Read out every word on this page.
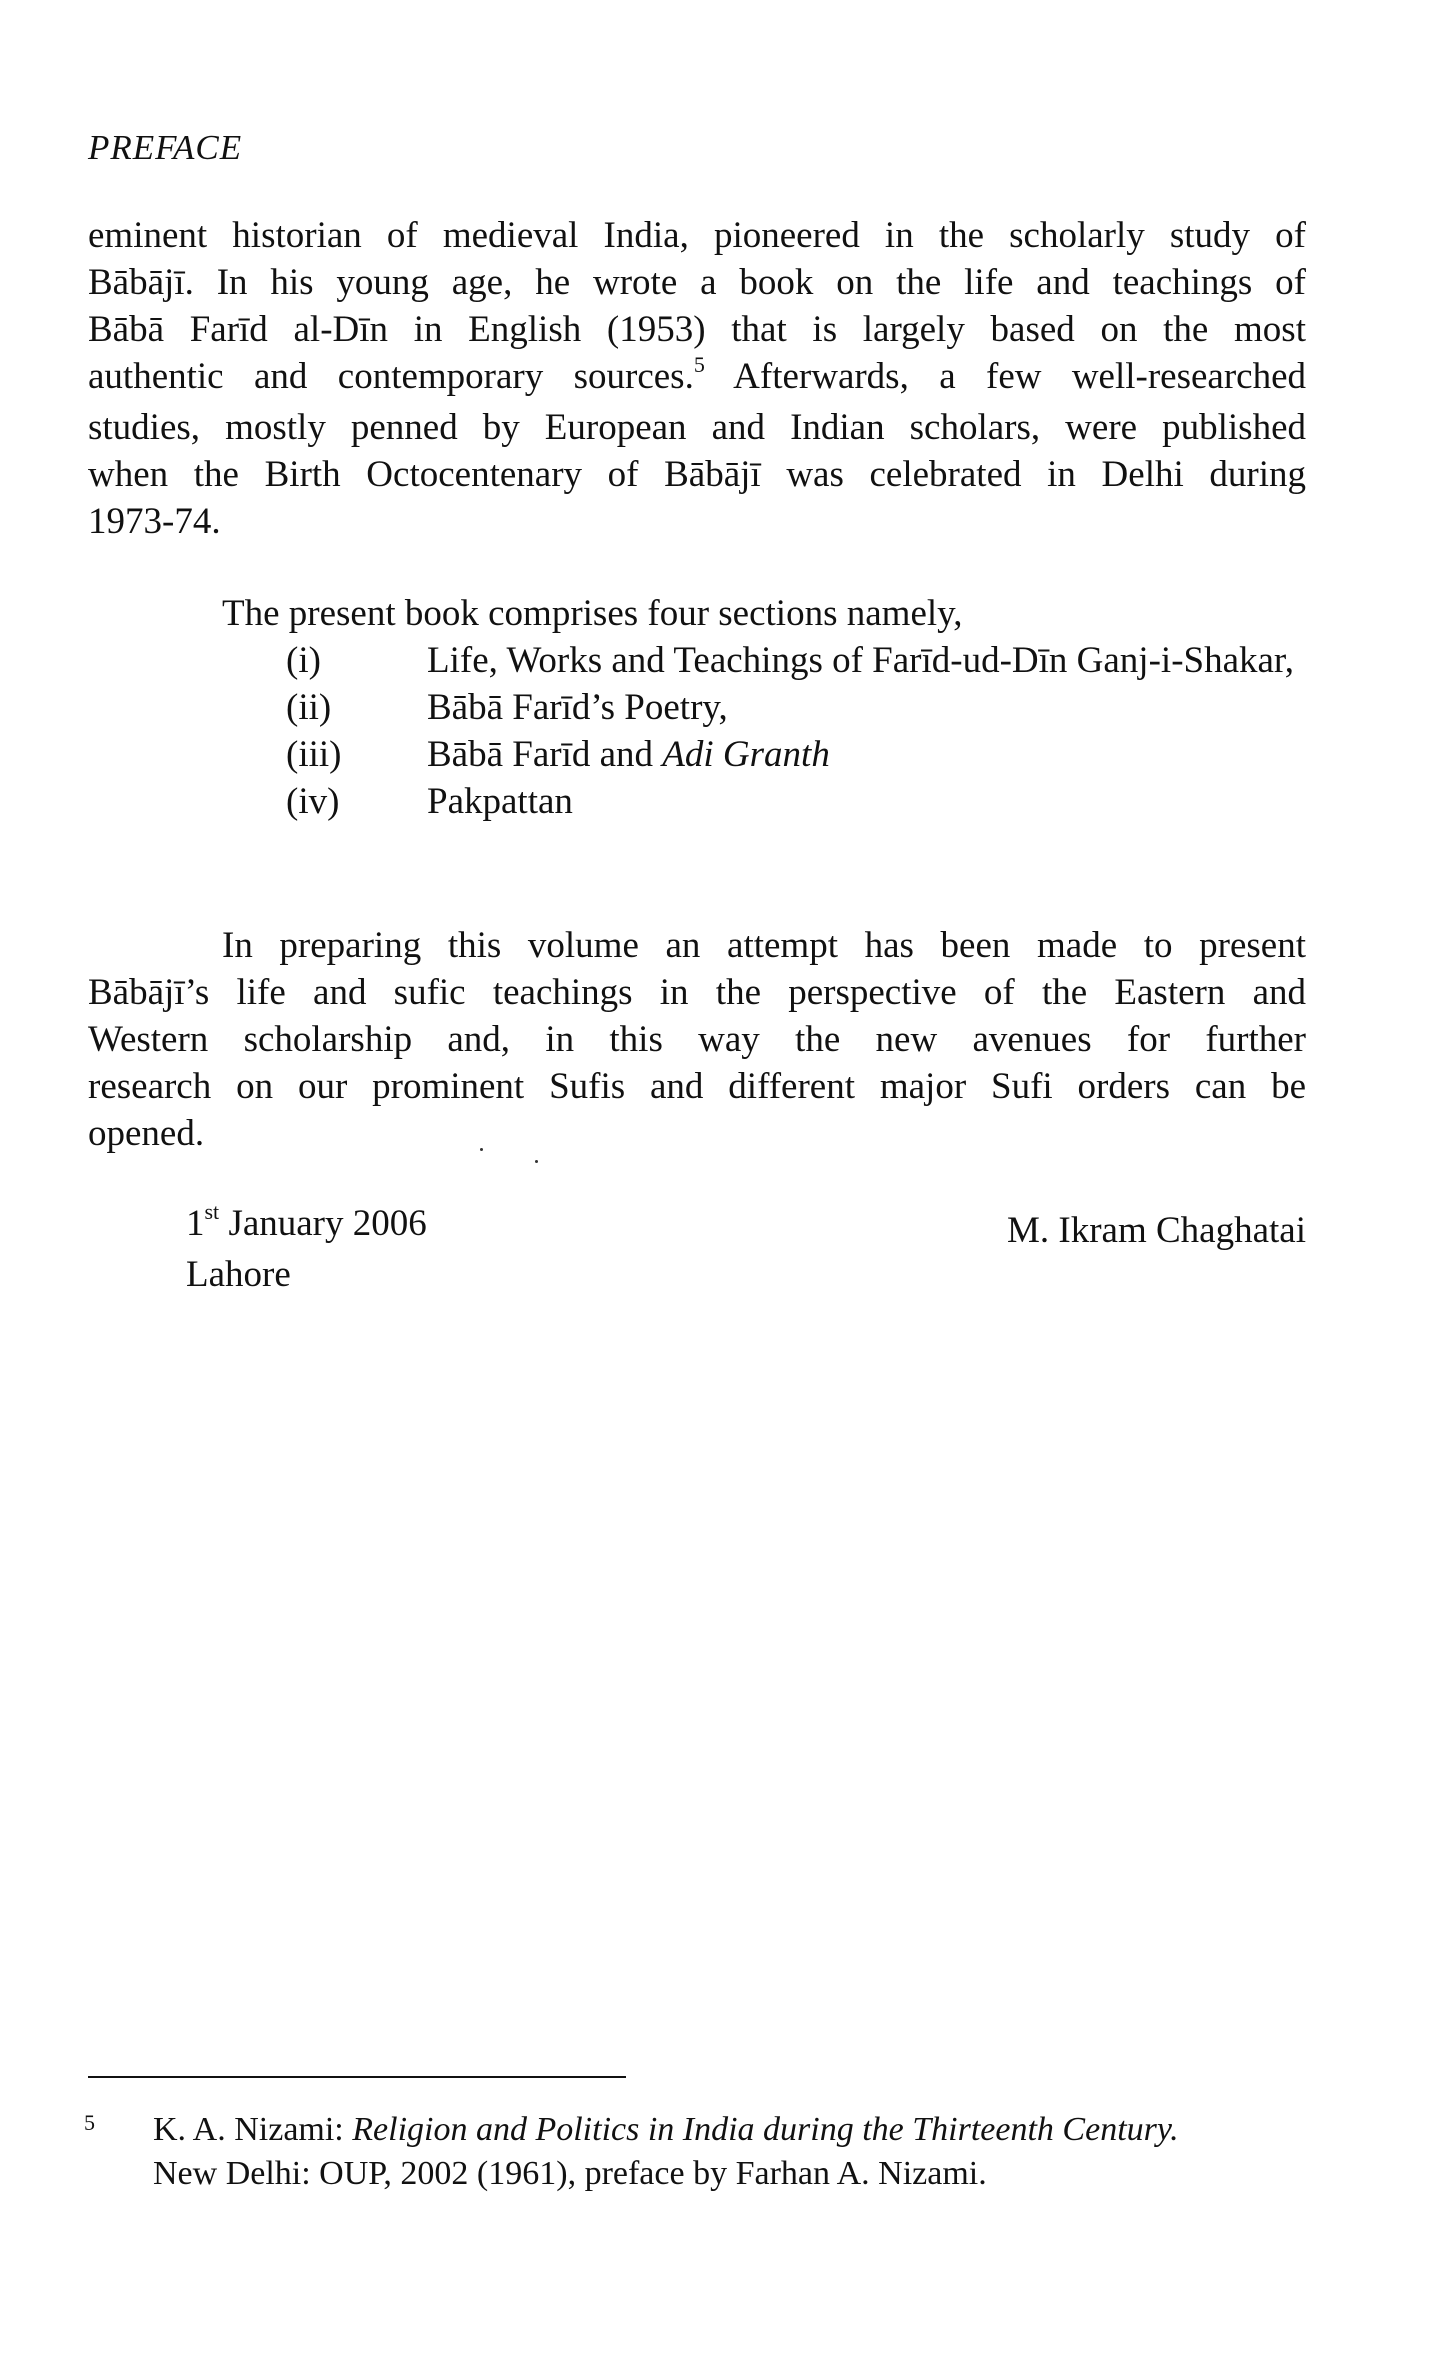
PREFACE
eminent historian of medieval India, pioneered in the scholarly study of
Bābājī. In his young age, he wrote a book on the life and teachings of
Bābā Farīd al-Dīn in English (1953) that is largely based on the most
authentic and contemporary sources.$^5$ Afterwards, a few well-researched
studies, mostly penned by European and Indian scholars, were published
when the Birth Octocentenary of Bābājī was celebrated in Delhi during
1973-74.
The present book comprises four sections namely,
(i)	Life, Works and Teachings of Farīd-ud-Dīn Ganj-i-Shakar,
(ii)	Bābā Farīd’s Poetry,
(iii)	Bābā Farīd and Adi Granth
(iv)	Pakpattan
In preparing this volume an attempt has been made to present
Bābājī’s life and sufic teachings in the perspective of the Eastern and
Western scholarship and, in this way the new avenues for further
research on our prominent Sufis and different major Sufi orders can be
opened.
1st January 2006
Lahore
M. Ikram Chaghatai
5 K. A. Nizami: Religion and Politics in India during the Thirteenth Century.
New Delhi: OUP, 2002 (1961), preface by Farhan A. Nizami.
